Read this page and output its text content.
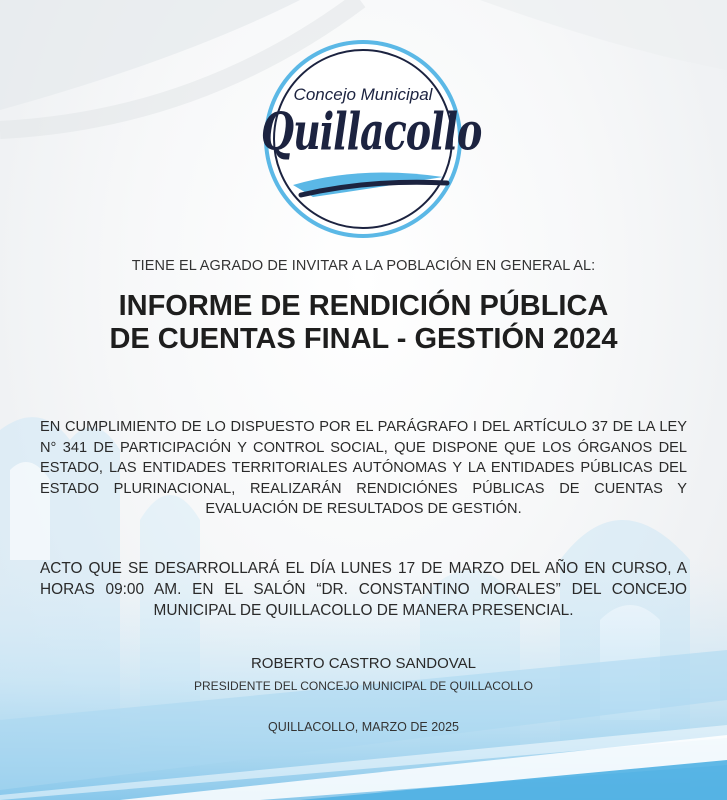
Concejo Municipal
Quillacollo
TIENE EL AGRADO DE INVITAR A LA POBLACIÓN EN GENERAL AL:
INFORME DE RENDICIÓN PÚBLICA
DE CUENTAS FINAL - GESTIÓN 2024
EN CUMPLIMIENTO DE LO DISPUESTO POR EL PARÁGRAFO I DEL ARTÍCULO 37 DE LA LEY N° 341 DE PARTICIPACIÓN Y CONTROL SOCIAL, QUE DISPONE QUE LOS ÓRGANOS DEL ESTADO, LAS ENTIDADES TERRITORIALES AUTÓNOMAS Y LA ENTIDADES PÚBLICAS DEL ESTADO PLURINACIONAL, REALIZARÁN RENDICIÓNES PÚBLICAS DE CUENTAS Y EVALUACIÓN DE RESULTADOS DE GESTIÓN.
ACTO QUE SE DESARROLLARÁ EL DÍA LUNES 17 DE MARZO DEL AÑO EN CURSO, A HORAS 09:00 AM. EN EL SALÓN “DR. CONSTANTINO MORALES” DEL CONCEJO MUNICIPAL DE QUILLACOLLO DE MANERA PRESENCIAL.
ROBERTO CASTRO SANDOVAL
PRESIDENTE DEL CONCEJO MUNICIPAL DE QUILLACOLLO
QUILLACOLLO, MARZO DE 2025
